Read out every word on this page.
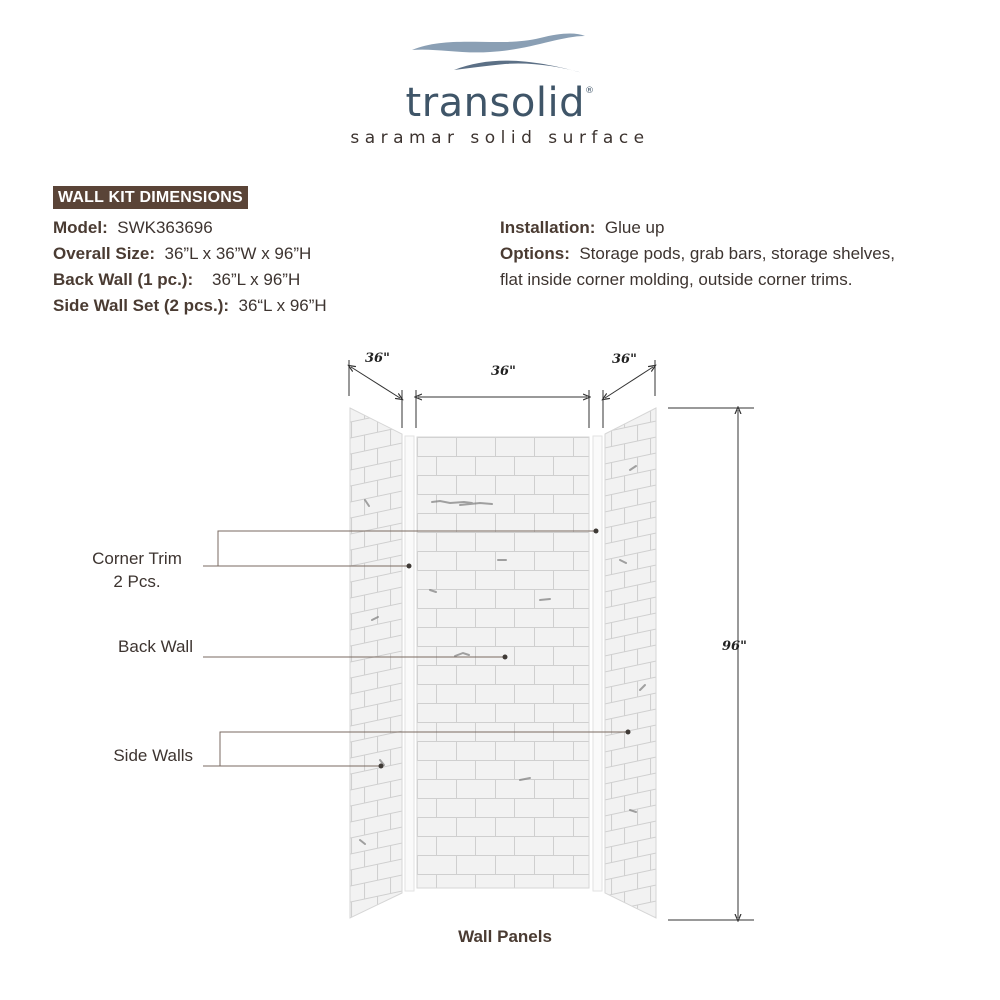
transolid®
saramar solid surface
WALL KIT DIMENSIONS
Model: SWK363696
Overall Size: 36”L x 36”W x 96”H
Back Wall (1 pc.): 36”L x 96”H
Side Wall Set (2 pcs.): 36“L x 96”H
Installation: Glue up
Options: Storage pods, grab bars, storage shelves, flat inside corner molding, outside corner trims.
36"
36"
36"
96"
Corner Trim
2 Pcs.
Back Wall
Side Walls
Wall Panels
